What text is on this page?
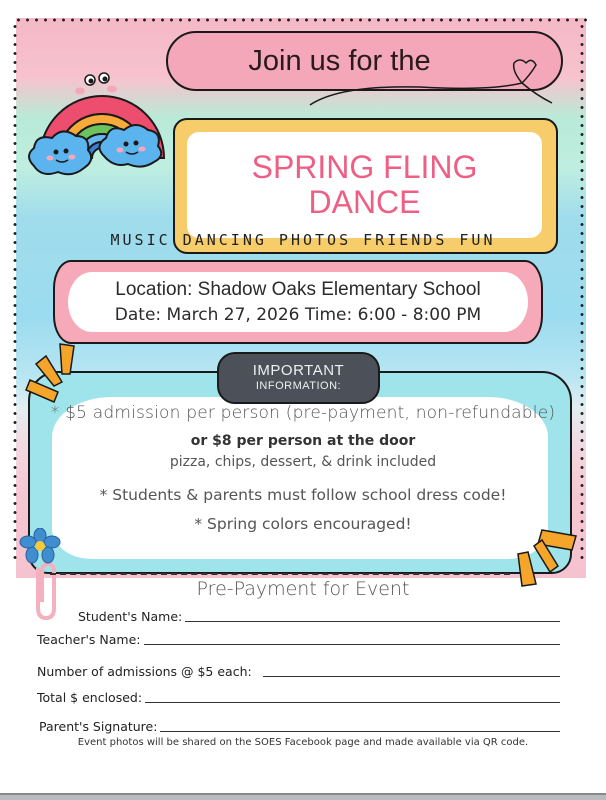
Join us for the
SPRING FLING
DANCE
MUSIC DANCING PHOTOS FRIENDS FUN
Location: Shadow Oaks Elementary School
Date: March 27, 2026 Time: 6:00 - 8:00 PM
IMPORTANT
INFORMATION:
* $5 admission per person (pre-payment, non-refundable)
or $8 per person at the door
pizza, chips, dessert, & drink included
* Students & parents must follow school dress code!
* Spring colors encouraged!
Pre-Payment for Event
Student's Name:
Teacher's Name:
Number of admissions @ $5 each:
Total $ enclosed:
Parent's Signature:
Event photos will be shared on the SOES Facebook page and made available via QR code.
